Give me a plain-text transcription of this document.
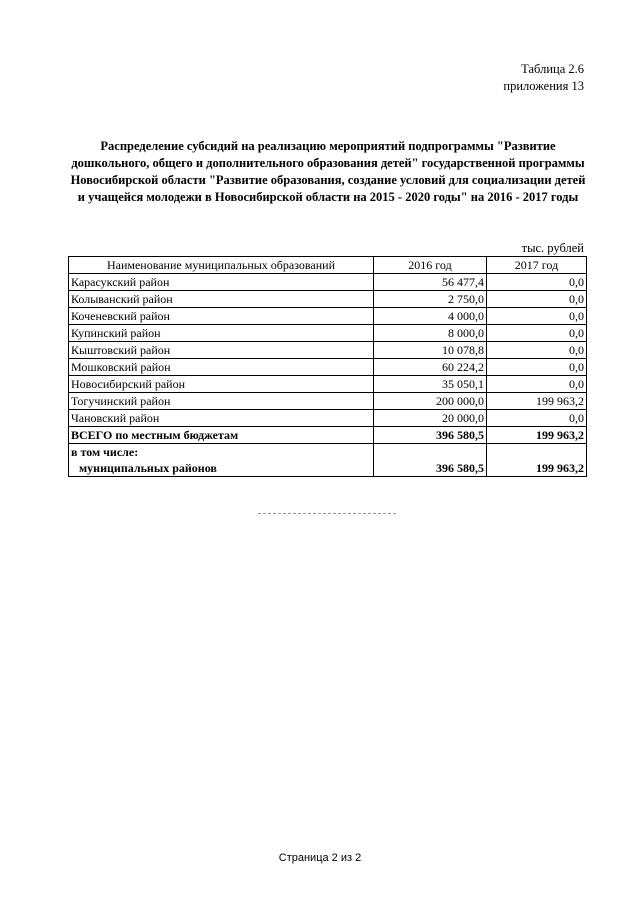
Таблица 2.6
приложения 13
Распределение субсидий на реализацию мероприятий подпрограммы "Развитие дошкольного, общего и дополнительного образования детей" государственной программы Новосибирской области "Развитие образования, создание условий для социализации детей и учащейся молодежи в Новосибирской области на 2015 - 2020 годы" на 2016 - 2017 годы
тыс. рублей
Наименование муниципальных образований	2016 год	2017 год
Карасукский район	56 477,4	0,0
Колыванский район	2 750,0	0,0
Коченевский район	4 000,0	0,0
Купинский район	8 000,0	0,0
Кыштовский район	10 078,8	0,0
Мошковский район	60 224,2	0,0
Новосибирский район	35 050,1	0,0
Тогучинский район	200 000,0	199 963,2
Чановский район	20 000,0	0,0
ВСЕГО по местным бюджетам	396 580,5	199 963,2
в том числе:		
муниципальных районов	396 580,5	199 963,2
Страница 2 из 2
